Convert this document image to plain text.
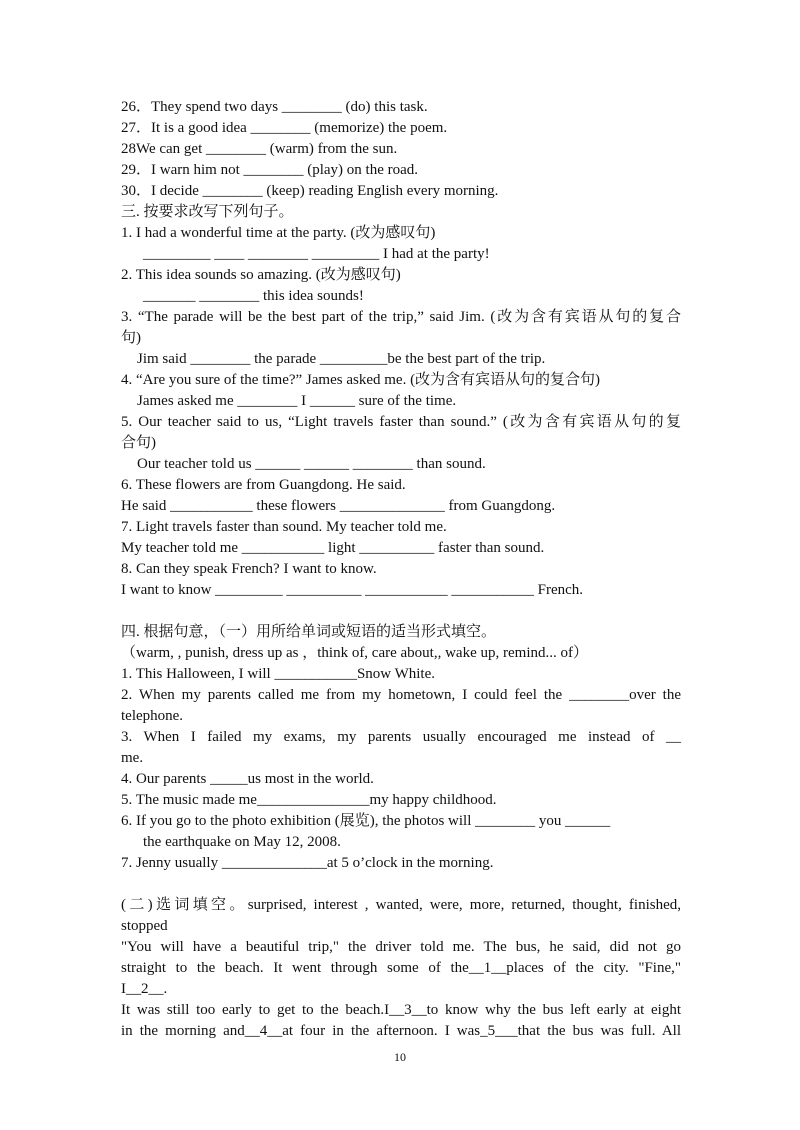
26．They spend two days ________ (do) this task.
27．It is a good idea ________ (memorize) the poem.
28We can get ________ (warm) from the sun.
29．I warn him not ________ (play) on the road.
30．I decide ________ (keep) reading English every morning.
三. 按要求改写下列句子。
1. I had a wonderful time at the party. (改为感叹句)
_________ ____ ________ _________ I had at the party!
2. This idea sounds so amazing. (改为感叹句)
_______ ________ this idea sounds!
3. “The parade will be the best part of the trip,” said Jim. (改为含有宾语从句的复合
句)
Jim said ________ the parade _________be the best part of the trip.
4. “Are you sure of the time?” James asked me. (改为含有宾语从句的复合句)
James asked me ________ I ______ sure of the time.
5. Our teacher said to us, “Light travels faster than sound.” (改为含有宾语从句的复
合句)
Our teacher told us ______ ______ ________ than sound.
6. These flowers are from Guangdong. He said.
He said ___________ these flowers ______________ from Guangdong.
7. Light travels faster than sound. My teacher told me.
My teacher told me ___________ light __________ faster than sound.
8. Can they speak French? I want to know.
I want to know _________ __________ ___________ ___________ French.
四. 根据句意，（一）用所给单词或短语的适当形式填空。
（warm, , punish, dress up as ，think of, care about,, wake up, remind... of）
1. This Halloween, I will ___________Snow White.
2. When my parents called me from my hometown, I could feel the ________over the
telephone.
3. When I failed my exams, my parents usually encouraged me instead of __
me.
4. Our parents _____us most in the world.
5. The music made me_______________my happy childhood.
6. If you go to the photo exhibition (展览), the photos will ________ you ______
the earthquake on May 12, 2008.
7. Jenny usually ______________at 5 o’clock in the morning.
(二)选词填空。surprised, interest , wanted, were, more, returned, thought, finished,
stopped
"You will have a beautiful trip," the driver told me. The bus, he said, did not go
straight to the beach. It went through some of the__1__places of the city. "Fine,"
I__2__.
It was still too early to get to the beach.I__3__to know why the bus left early at eight
in the morning and__4__at four in the afternoon. I was_5___that the bus was full. All
10
